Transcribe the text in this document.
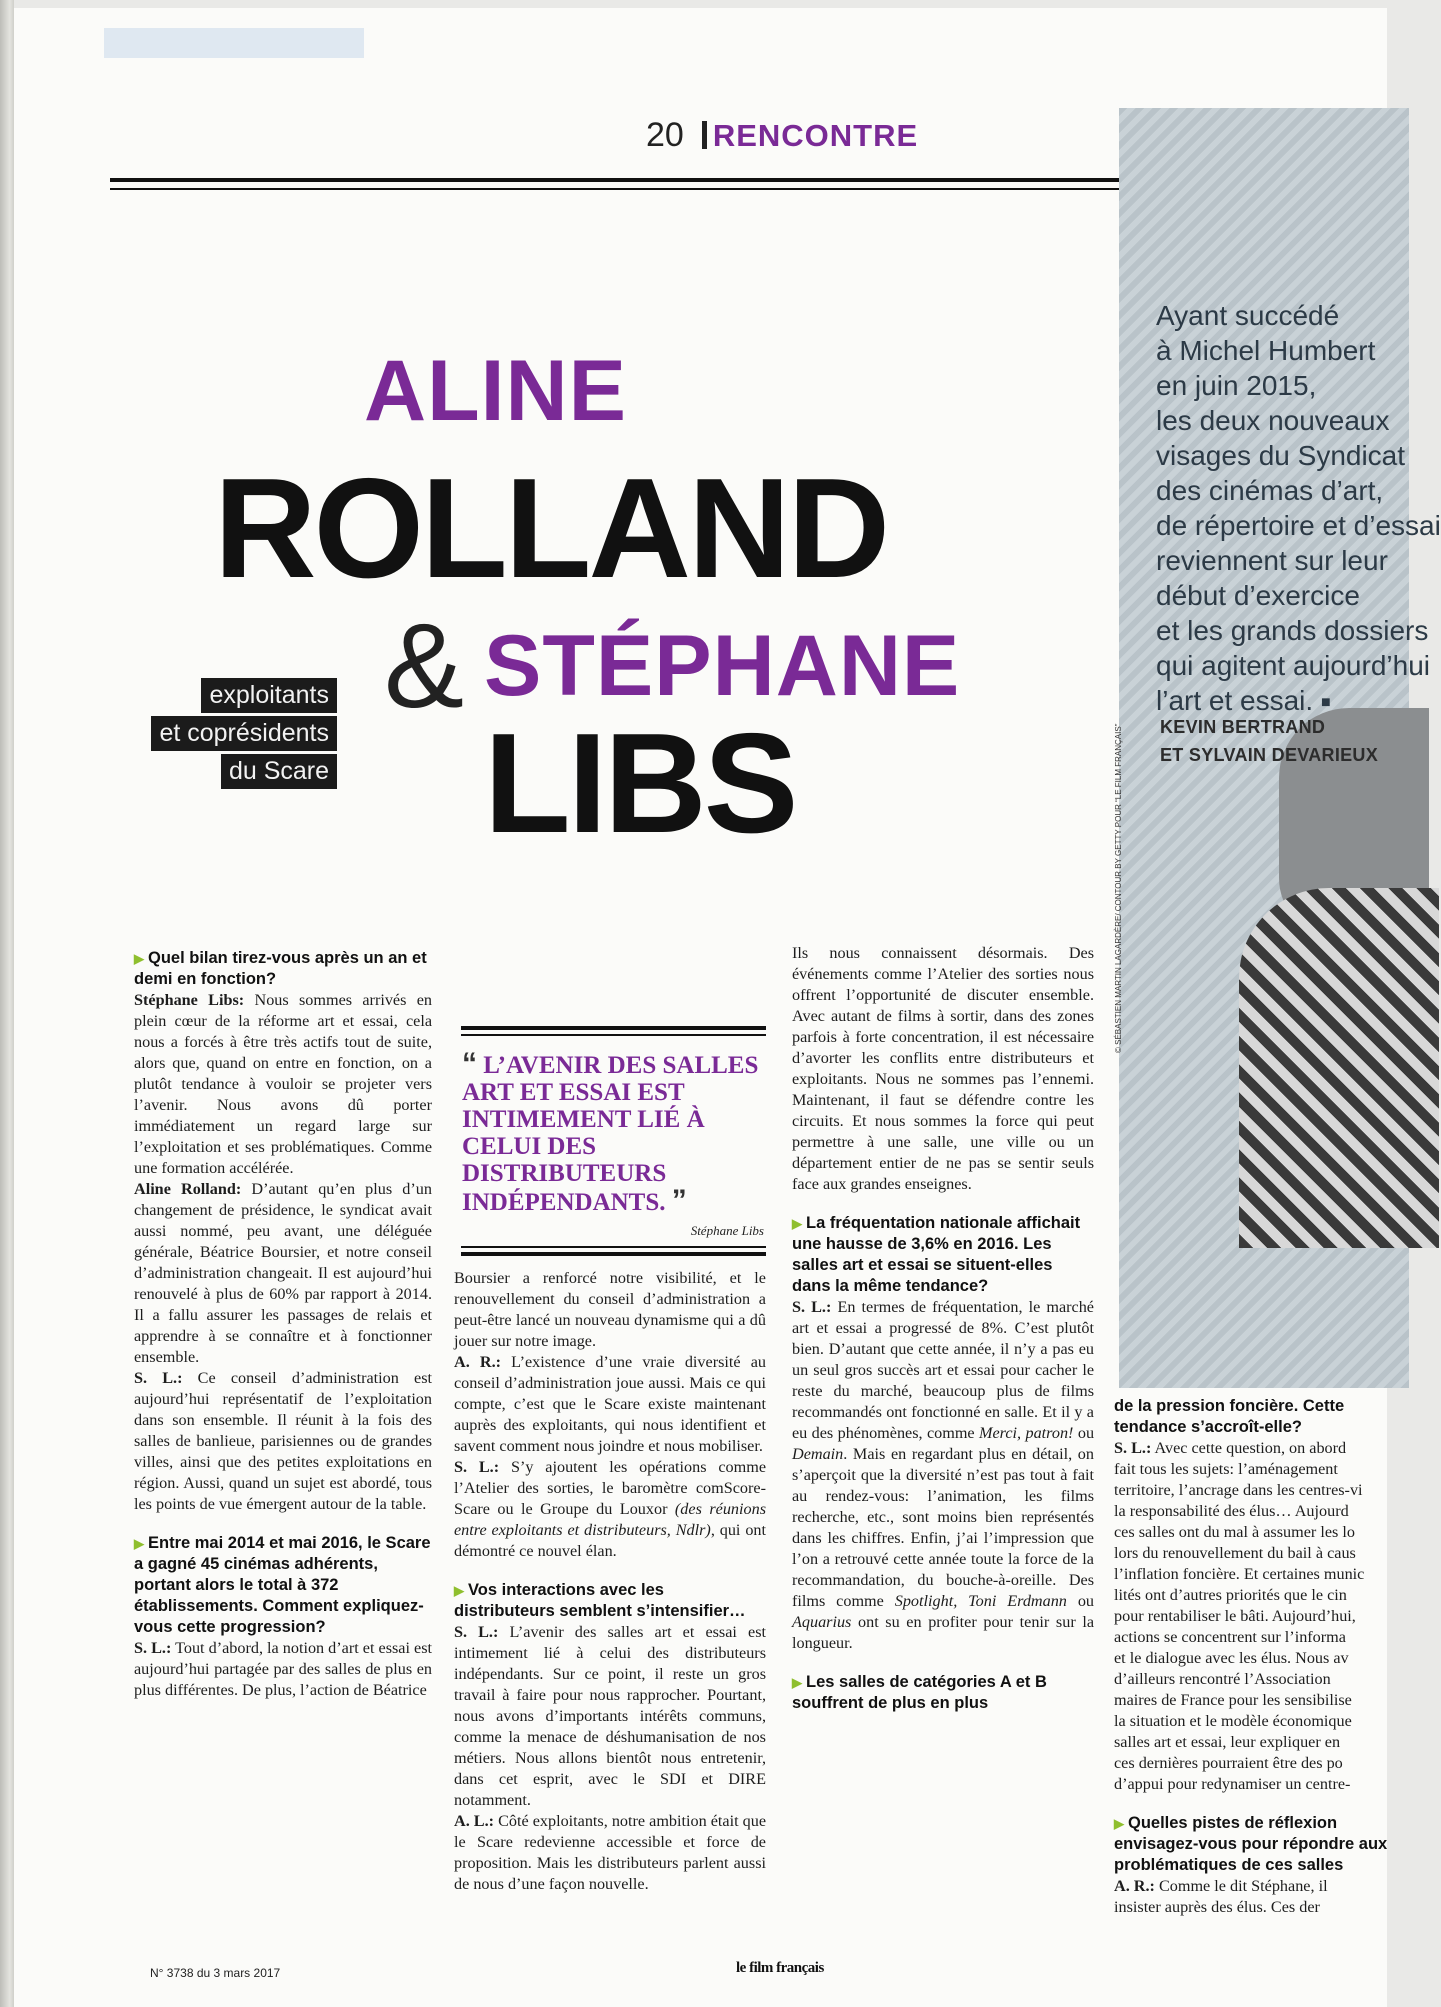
20 RENCONTRE
Ayant succédé
à Michel Humbert
en juin 2015,
les deux nouveaux
visages du Syndicat
des cinémas d’art,
de répertoire et d’essai
reviennent sur leur
début d’exercice
et les grands dossiers
qui agitent aujourd’hui
l’art et essai. ■
KEVIN BERTRAND
ET SYLVAIN DEVARIEUX
© SÉBASTIEN MARTIN LAGARDÈRE/ CONTOUR BY GETTY POUR “LE FILM FRANÇAIS”
ALINE
ROLLAND
& STÉPHANE
LIBS
exploitants
et coprésidents
du Scare

▶ Quel bilan tirez-vous après un an et demi en fonction?

Stéphane Libs: Nous sommes arrivés en plein cœur de la réforme art et essai, cela nous a forcés à être très actifs tout de suite, alors que, quand on entre en fonction, on a plutôt tendance à vouloir se projeter vers l’avenir. Nous avons dû porter immédiatement un regard large sur l’exploitation et ses problématiques. Comme une formation accélérée.

Aline Rolland: D’autant qu’en plus d’un changement de présidence, le syndicat avait aussi nommé, peu avant, une déléguée générale, Béatrice Boursier, et notre conseil d’administration changeait. Il est aujourd’hui renouvelé à plus de 60% par rapport à 2014. Il a fallu assurer les passages de relais et apprendre à se connaître et à fonctionner ensemble.

S. L.: Ce conseil d’administration est aujourd’hui représentatif de l’exploitation dans son ensemble. Il réunit à la fois des salles de banlieue, parisiennes ou de grandes villes, ainsi que des petites exploitations en région. Aussi, quand un sujet est abordé, tous les points de vue émergent autour de la table.

▶ Entre mai 2014 et mai 2016, le Scare a gagné 45 cinémas adhérents, portant alors le total à 372 établissements. Comment expliquez-vous cette progression?

S. L.: Tout d’abord, la notion d’art et essai est aujourd’hui partagée par des salles de plus en plus différentes. De plus, l’action de Béatrice

“ L’AVENIR DES SALLES ART ET ESSAI EST INTIMEMENT LIÉ À CELUI DES DISTRIBUTEURS INDÉPENDANTS. ”
Stéphane Libs

Boursier a renforcé notre visibilité, et le renouvellement du conseil d’administration a peut-être lancé un nouveau dynamisme qui a dû jouer sur notre image.

A. R.: L’existence d’une vraie diversité au conseil d’administration joue aussi. Mais ce qui compte, c’est que le Scare existe maintenant auprès des exploitants, qui nous identifient et savent comment nous joindre et nous mobiliser.

S. L.: S’y ajoutent les opérations comme l’Atelier des sorties, le baromètre comScore-Scare ou le Groupe du Louxor (des réunions entre exploitants et distributeurs, Ndlr), qui ont démontré ce nouvel élan.

▶ Vos interactions avec les distributeurs semblent s’intensifier…

S. L.: L’avenir des salles art et essai est intimement lié à celui des distributeurs indépendants. Sur ce point, il reste un gros travail à faire pour nous rapprocher. Pourtant, nous avons d’importants intérêts communs, comme la menace de déshumanisation de nos métiers. Nous allons bientôt nous entretenir, dans cet esprit, avec le SDI et DIRE notamment.

A. L.: Côté exploitants, notre ambition était que le Scare redevienne accessible et force de proposition. Mais les distributeurs parlent aussi de nous d’une façon nouvelle.

Ils nous connaissent désormais. Des événements comme l’Atelier des sorties nous offrent l’opportunité de discuter ensemble. Avec autant de films à sortir, dans des zones parfois à forte concentration, il est nécessaire d’avorter les conflits entre distributeurs et exploitants. Nous ne sommes pas l’ennemi. Maintenant, il faut se défendre contre les circuits. Et nous sommes la force qui peut permettre à une salle, une ville ou un département entier de ne pas se sentir seuls face aux grandes enseignes.

▶ La fréquentation nationale affichait une hausse de 3,6% en 2016. Les salles art et essai se situent-elles dans la même tendance?

S. L.: En termes de fréquentation, le marché art et essai a progressé de 8%. C’est plutôt bien. D’autant que cette année, il n’y a pas eu un seul gros succès art et essai pour cacher le reste du marché, beaucoup plus de films recommandés ont fonctionné en salle. Et il y a eu des phénomènes, comme Merci, patron! ou Demain. Mais en regardant plus en détail, on s’aperçoit que la diversité n’est pas tout à fait au rendez-vous: l’animation, les films recherche, etc., sont moins bien représentés dans les chiffres. Enfin, j’ai l’impression que l’on a retrouvé cette année toute la force de la recommandation, du bouche-à-oreille. Des films comme Spotlight, Toni Erdmann ou Aquarius ont su en profiter pour tenir sur la longueur.

▶ Les salles de catégories A et B souffrent de plus en plus

de la pression foncière. Cette tendance s’accroît-elle?

S. L.: Avec cette question, on abord

fait tous les sujets: l’aménagement

territoire, l’ancrage dans les centres-vi

la responsabilité des élus… Aujourd

ces salles ont du mal à assumer les lo

lors du renouvellement du bail à caus

l’inflation foncière. Et certaines munic

lités ont d’autres priorités que le cin

pour rentabiliser le bâti. Aujourd’hui,

actions se concentrent sur l’informa

et le dialogue avec les élus. Nous av

d’ailleurs rencontré l’Association

maires de France pour les sensibilise

la situation et le modèle économique

salles art et essai, leur expliquer en

ces dernières pourraient être des po

d’appui pour redynamiser un centre-

▶ Quelles pistes de réflexion envisagez-vous pour répondre aux problématiques de ces salles

A. R.: Comme le dit Stéphane, il

insister auprès des élus. Ces der

N° 3738 du 3 mars 2017	le film français
